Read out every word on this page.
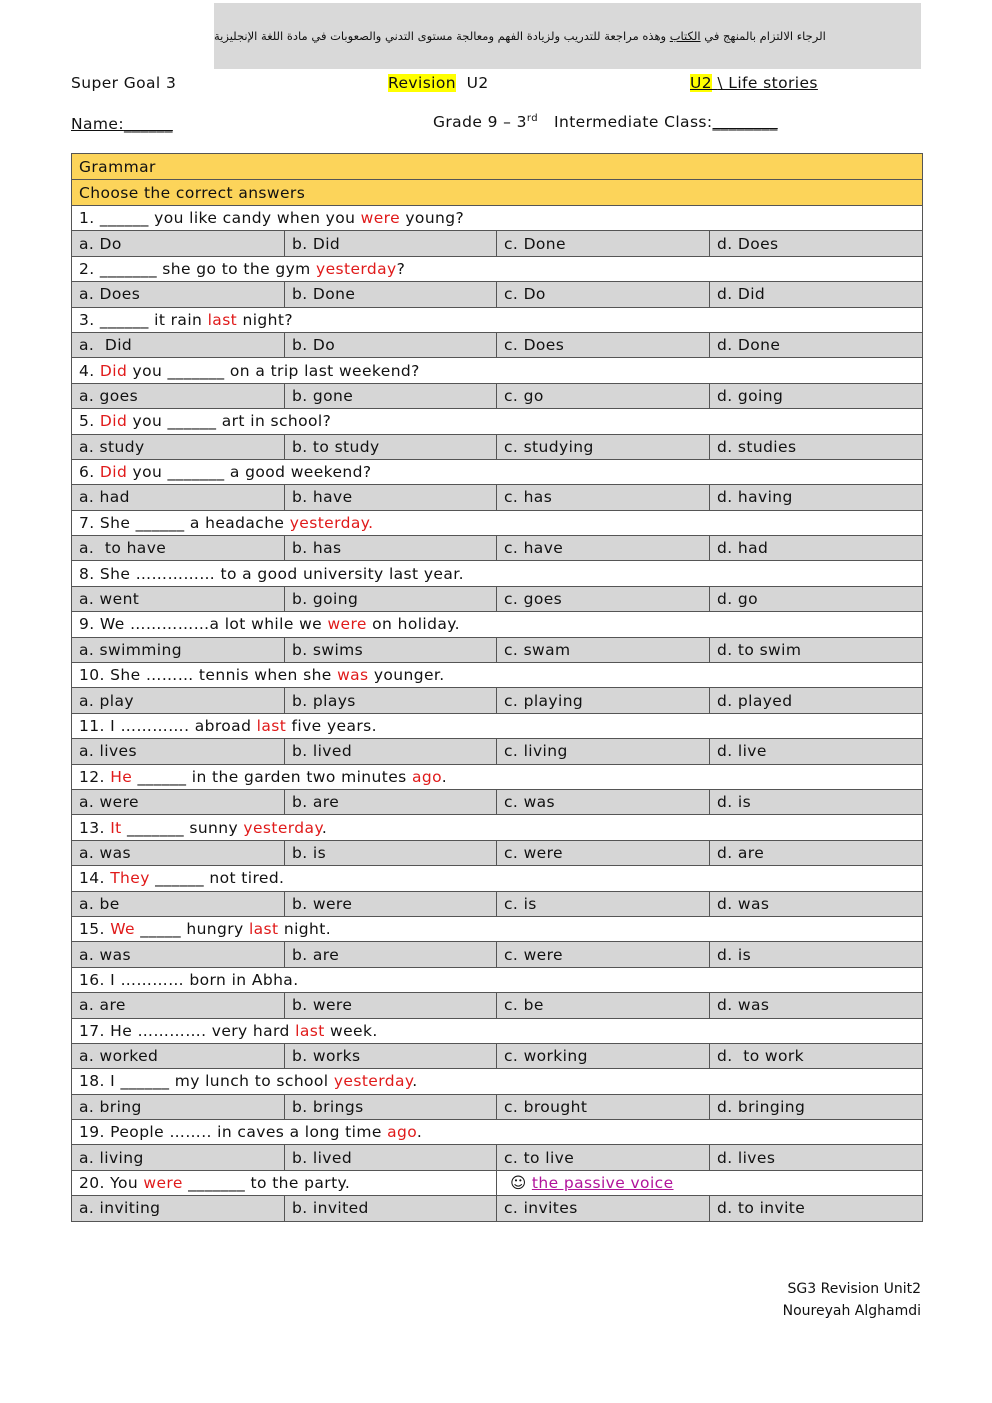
الرجاء الالتزام بالمنهج في الكتاب وهذه مراجعة للتدريب ولزيادة الفهم ومعالجة مستوى التدني والصعوبات في مادة اللغة الإنجليزية
Super Goal 3	Revision U2	U2 \ Life stories
Name:______	Grade 9 – 3rd Intermediate Class:________
Grammar			
Choose the correct answers			
1. ______ you like candy when you were young?			
a. Do	b. Did	c. Done	d. Does
2. _______ she go to the gym yesterday?			
a. Does	b. Done	c. Do	d. Did
3. ______ it rain last night?			
a.  Did	b. Do	c. Does	d. Done
4. Did you _______ on a trip last weekend?			
a. goes	b. gone	c. go	d. going
5. Did you ______ art in school?			
a. study	b. to study	c. studying	d. studies
6. Did you _______ a good weekend?			
a. had	b. have	c. has	d. having
7. She ______ a headache yesterday.			
a.  to have	b. has	c. have	d. had
8. She …………… to a good university last year.			
a. went	b. going	c. goes	d. go
9. We ……………a lot while we were on holiday.			
a. swimming	b. swims	c. swam	d. to swim
10. She ……… tennis when she was younger.			
a. play	b. plays	c. playing	d. played
11. I …………. abroad last five years.			
a. lives	b. lived	c. living	d. live
12. He ______ in the garden two minutes ago.			
a. were	b. are	c. was	d. is
13. It _______ sunny yesterday.			
a. was	b. is	c. were	d. are
14. They ______ not tired.			
a. be	b. were	c. is	d. was
15. We _____ hungry last night.			
a. was	b. are	c. were	d. is
16. I ………… born in Abha.			
a. are	b. were	c. be	d. was
17. He …………. very hard last week.			
a. worked	b. works	c. working	d.  to work
18. I ______ my lunch to school yesterday.			
a. bring	b. brings	c. brought	d. bringing
19. People …….. in caves a long time ago.			
a. living	b. lived	c. to live	d. lives
20. You were _______ to the party.		☺ the passive voice	
a. inviting	b. invited	c. invites	d. to invite
SG3 Revision Unit2
Noureyah Alghamdi
